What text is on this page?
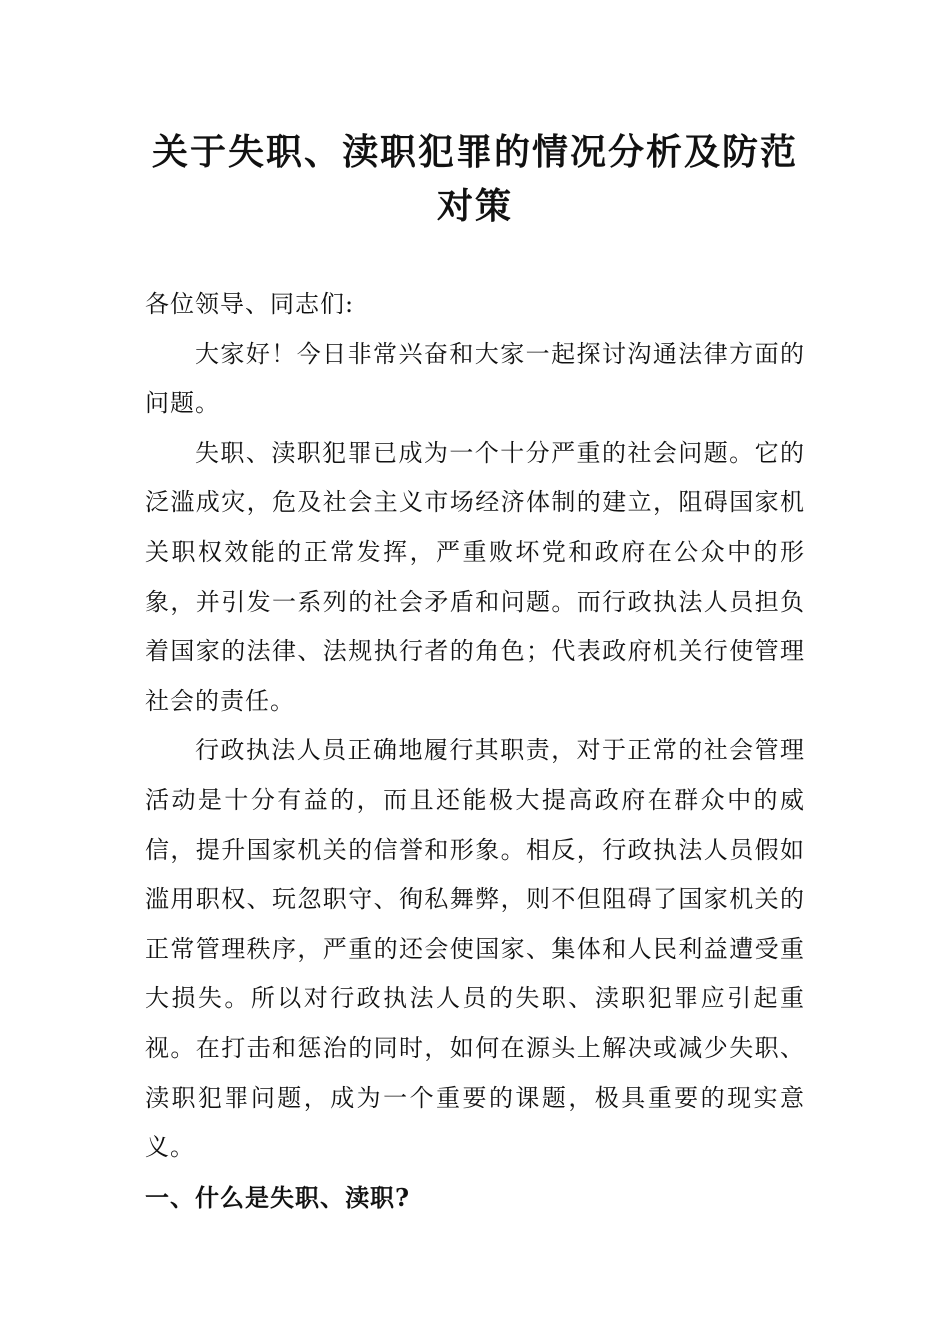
关于失职、渎职犯罪的情况分析及防范对策

各位领导、同志们:

大家好！今日非常兴奋和大家一起探讨沟通法律方面的问题。

失职、渎职犯罪已成为一个十分严重的社会问题。它的泛滥成灾，危及社会主义市场经济体制的建立，阻碍国家机关职权效能的正常发挥，严重败坏党和政府在公众中的形象，并引发一系列的社会矛盾和问题。而行政执法人员担负着国家的法律、法规执行者的角色；代表政府机关行使管理社会的责任。

行政执法人员正确地履行其职责，对于正常的社会管理活动是十分有益的，而且还能极大提高政府在群众中的威信，提升国家机关的信誉和形象。相反，行政执法人员假如滥用职权、玩忽职守、徇私舞弊，则不但阻碍了国家机关的正常管理秩序，严重的还会使国家、集体和人民利益遭受重大损失。所以对行政执法人员的失职、渎职犯罪应引起重视。在打击和惩治的同时，如何在源头上解决或减少失职、渎职犯罪问题，成为一个重要的课题，极具重要的现实意义。

一、什么是失职、渎职?
